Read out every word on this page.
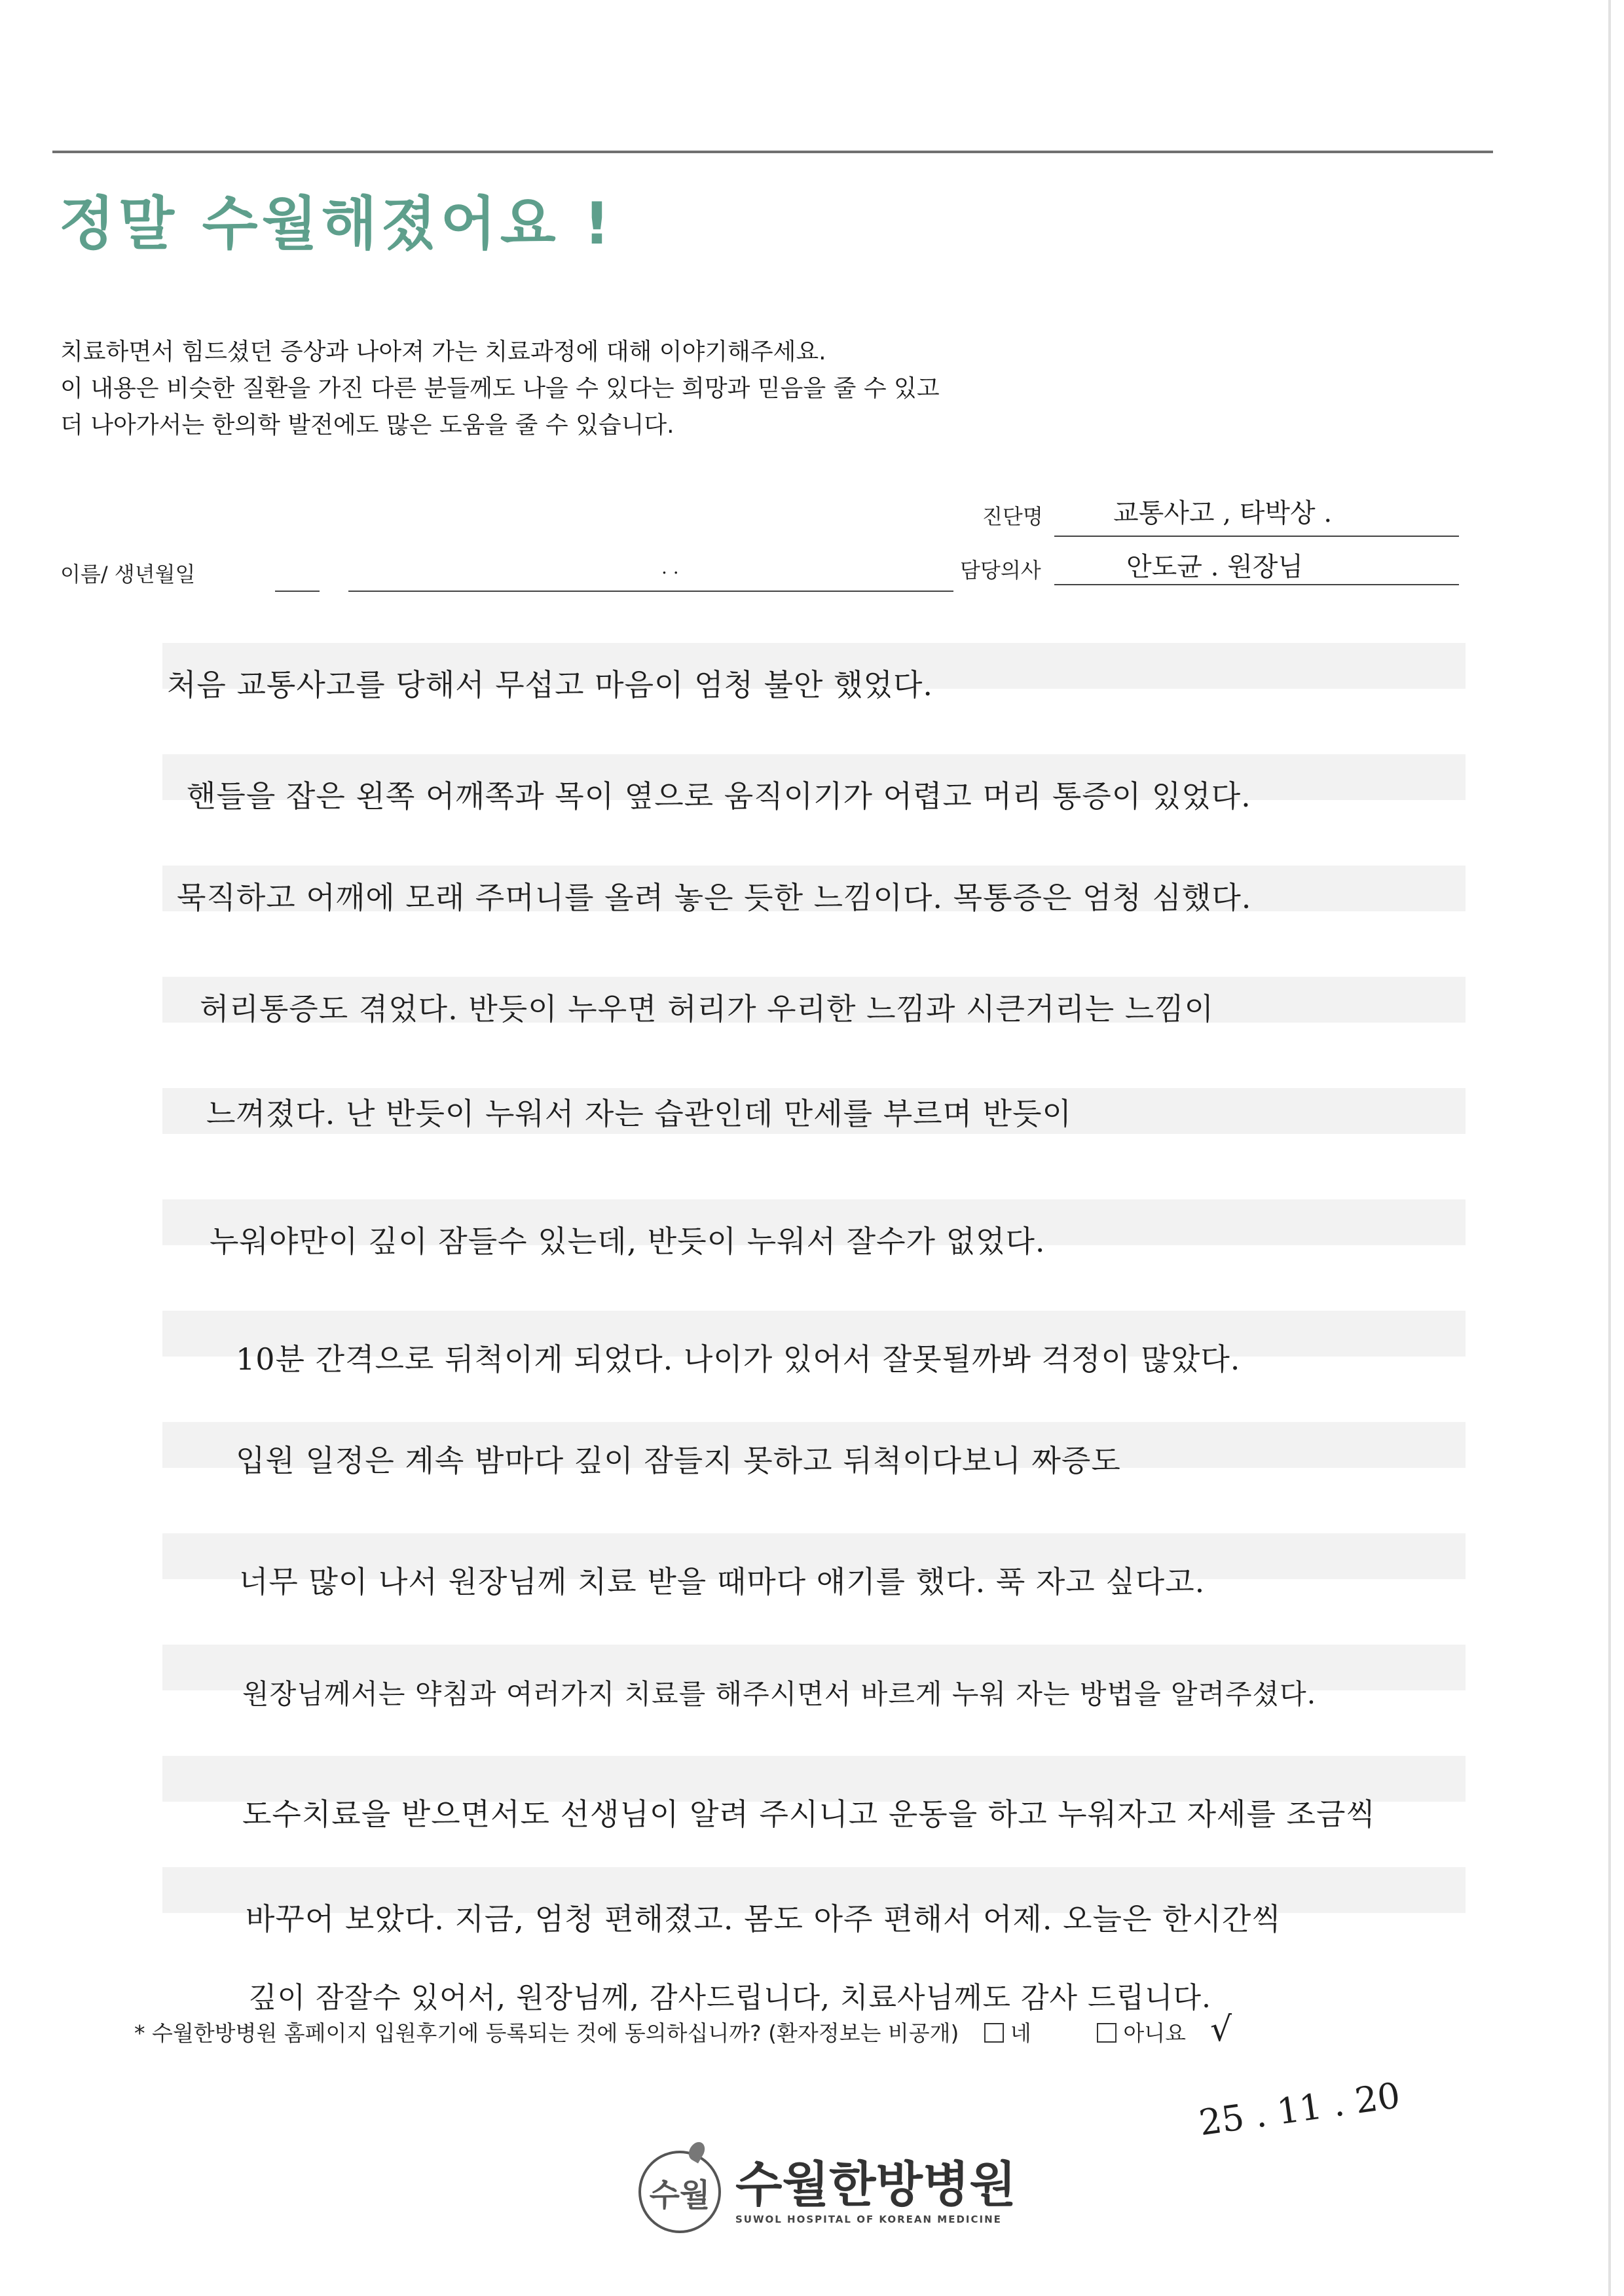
정말 수월해졌어요 !
치료하면서 힘드셨던 증상과 나아져 가는 치료과정에 대해 이야기해주세요.
이 내용은 비슷한 질환을 가진 다른 분들께도 나을 수 있다는 희망과 믿음을 줄 수 있고
더 나아가서는 한의학 발전에도 많은 도움을 줄 수 있습니다.
진단명	교통사고 , 타박상 .
이름/ 생년월일	. .	담당의사	안도균 . 원장님
처음 교통사고를 당해서 무섭고 마음이 엄청 불안 했었다.
핸들을 잡은 왼쪽 어깨쪽과 목이 옆으로 움직이기가 어렵고 머리 통증이 있었다.
묵직하고 어깨에 모래 주머니를 올려 놓은 듯한 느낌이다. 목통증은 엄청 심했다.
허리통증도 겪었다. 반듯이 누우면 허리가 우리한 느낌과 시큰거리는 느낌이
느껴졌다. 난 반듯이 누워서 자는 습관인데 만세를 부르며 반듯이
누워야만이 깊이 잠들수 있는데, 반듯이 누워서 잘수가 없었다.
10분 간격으로 뒤척이게 되었다. 나이가 있어서 잘못될까봐 걱정이 많았다.
입원 일정은 계속 밤마다 깊이 잠들지 못하고 뒤척이다보니 짜증도
너무 많이 나서 원장님께 치료 받을 때마다 얘기를 했다. 푹 자고 싶다고.
원장님께서는 약침과 여러가지 치료를 해주시면서 바르게 누워 자는 방법을 알려주셨다.
도수치료을 받으면서도 선생님이 알려 주시니고 운동을 하고 누워자고 자세를 조금씩
바꾸어 보았다. 지금, 엄청 편해졌고. 몸도 아주 편해서 어제. 오늘은 한시간씩
깊이 잠잘수 있어서, 원장님께, 감사드립니다, 치료사님께도 감사 드립니다.
* 수월한방병원 홈페이지 입원후기에 등록되는 것에 동의하십니까? (환자정보는 비공개) 네	아니요 √
25 . 11 . 20
수월 수월한방병원
SUWOL HOSPITAL OF KOREAN MEDICINE
